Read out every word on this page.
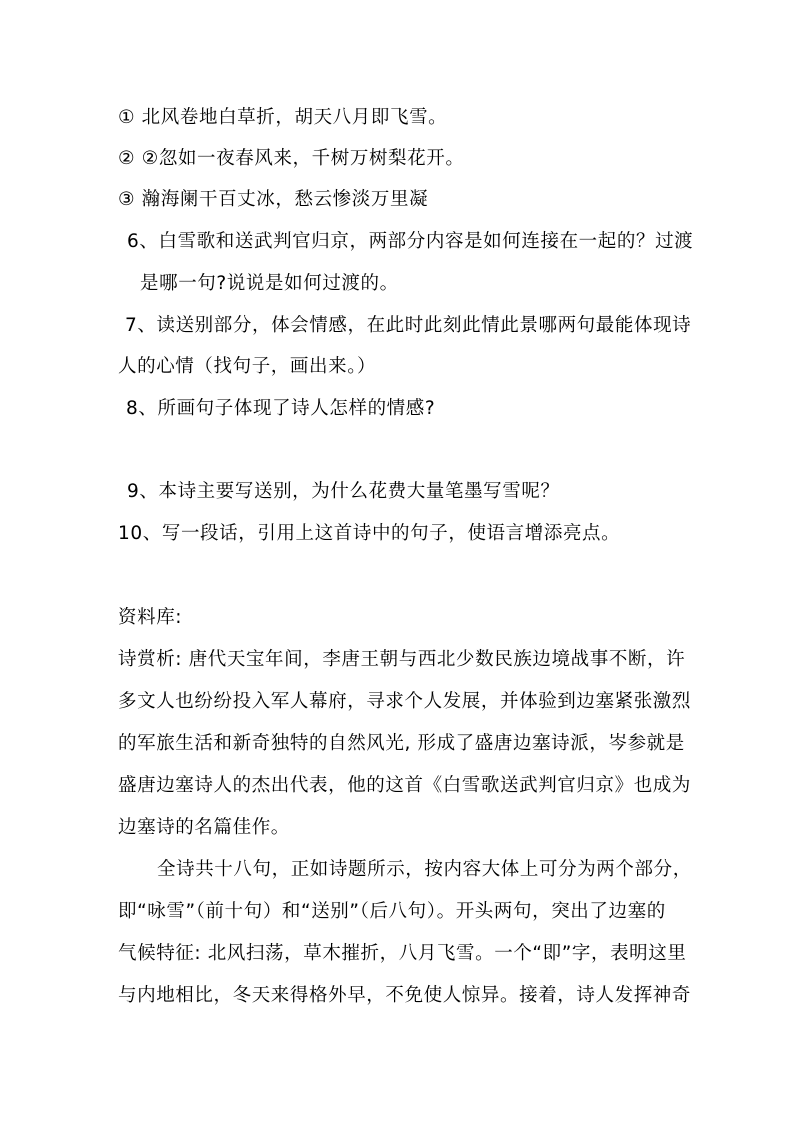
① 北风卷地白草折，胡天八月即飞雪。
② ②忽如一夜春风来，千树万树梨花开。
③ 瀚海阑干百丈冰，愁云惨淡万里凝
6、白雪歌和送武判官归京，两部分内容是如何连接在一起的？过渡
是哪一句?说说是如何过渡的。
7、读送别部分，体会情感，在此时此刻此情此景哪两句最能体现诗
人的心情（找句子，画出来。）
8、所画句子体现了诗人怎样的情感?
9、本诗主要写送别，为什么花费大量笔墨写雪呢？
10、写一段话，引用上这首诗中的句子，使语言增添亮点。
资料库:
诗赏析: 唐代天宝年间，李唐王朝与西北少数民族边境战事不断，许
多文人也纷纷投入军人幕府，寻求个人发展，并体验到边塞紧张激烈
的军旅生活和新奇独特的自然风光, 形成了盛唐边塞诗派，岑参就是
盛唐边塞诗人的杰出代表，他的这首《白雪歌送武判官归京》也成为
边塞诗的名篇佳作。
全诗共十八句，正如诗题所示，按内容大体上可分为两个部分，
即“咏雪”（前十句）和“送别”（后八句）。开头两句，突出了边塞的
气候特征: 北风扫荡，草木摧折，八月飞雪。一个“即”字，表明这里
与内地相比，冬天来得格外早，不免使人惊异。接着，诗人发挥神奇
